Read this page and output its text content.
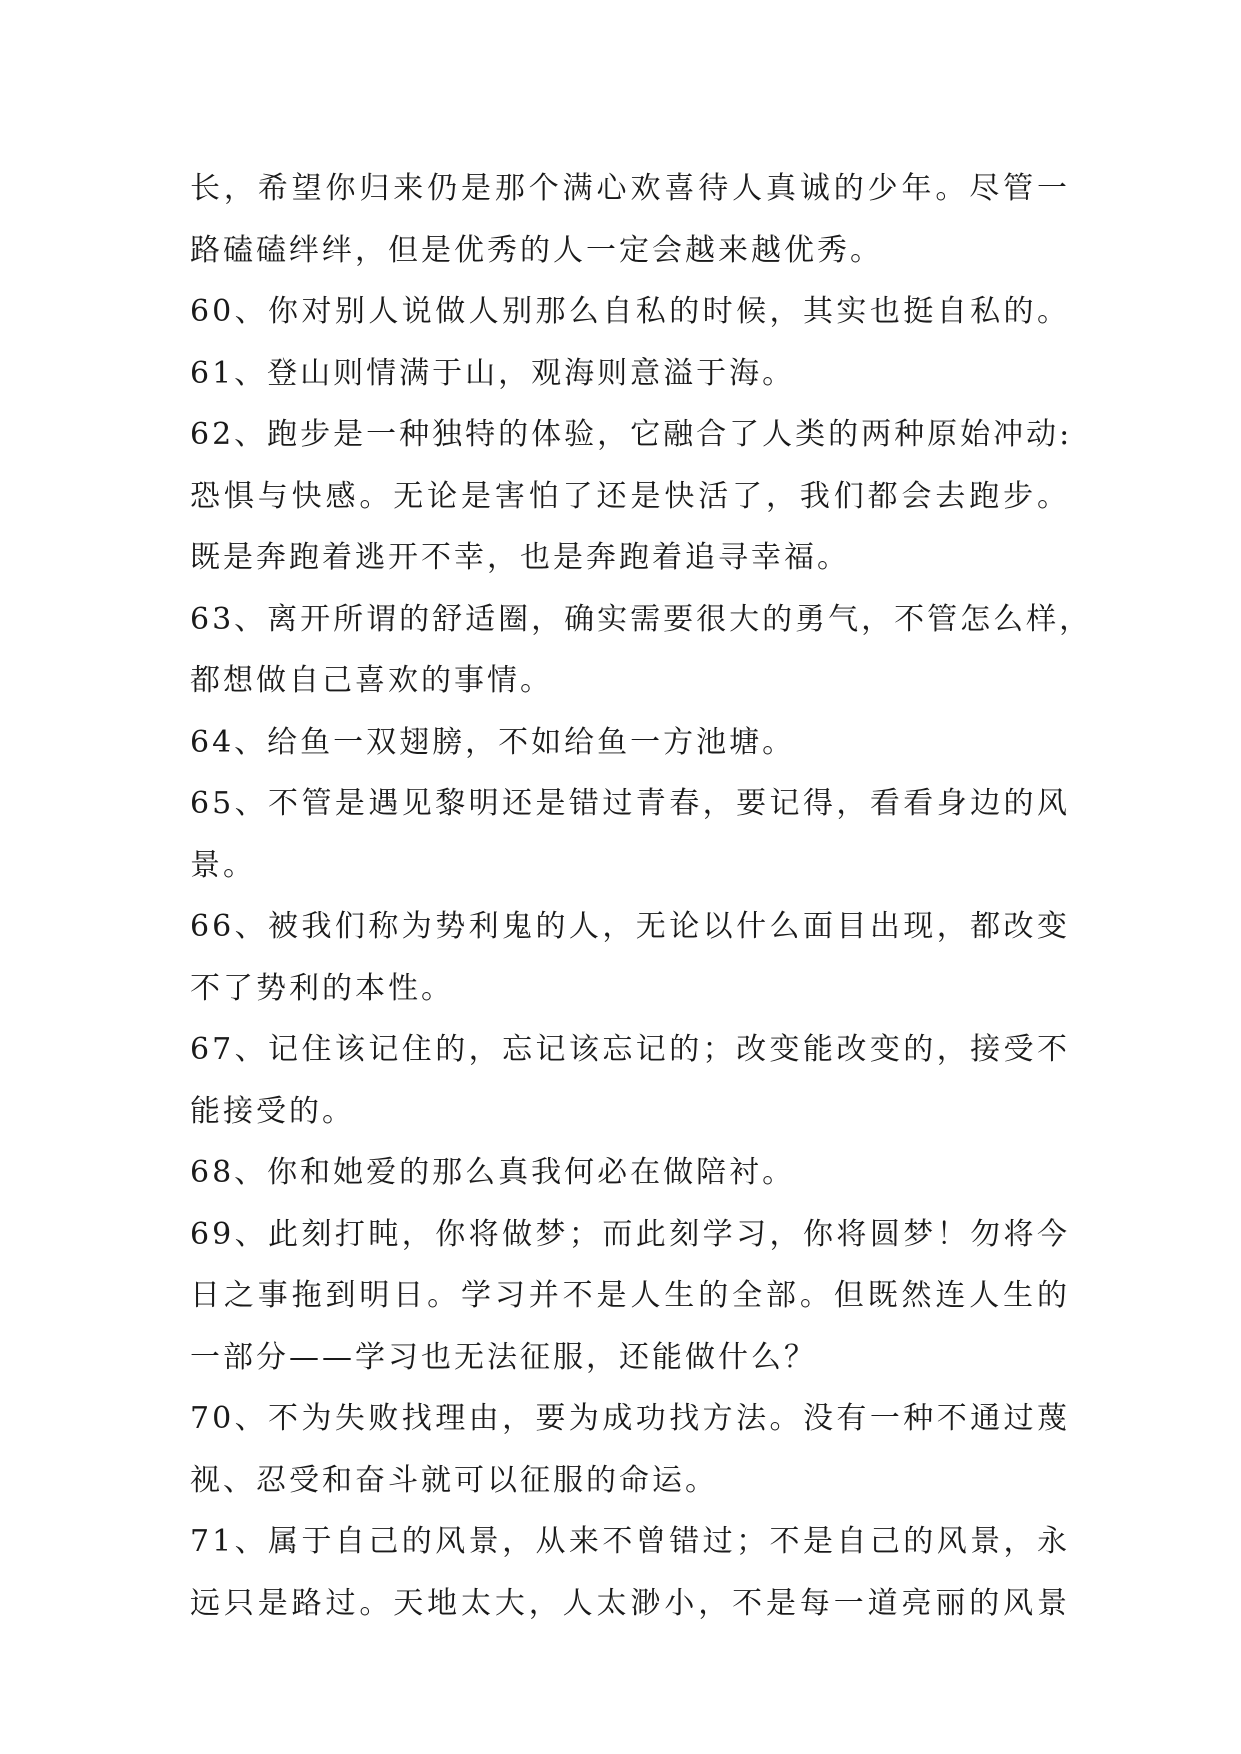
长，希望你归来仍是那个满心欢喜待人真诚的少年。尽管一
路磕磕绊绊，但是优秀的人一定会越来越优秀。
60、你对别人说做人别那么自私的时候，其实也挺自私的。
61、登山则情满于山，观海则意溢于海。
62、跑步是一种独特的体验，它融合了人类的两种原始冲动:
恐惧与快感。无论是害怕了还是快活了，我们都会去跑步。
既是奔跑着逃开不幸，也是奔跑着追寻幸福。
63、离开所谓的舒适圈，确实需要很大的勇气，不管怎么样，
都想做自己喜欢的事情。
64、给鱼一双翅膀，不如给鱼一方池塘。
65、不管是遇见黎明还是错过青春，要记得，看看身边的风
景。
66、被我们称为势利鬼的人，无论以什么面目出现，都改变
不了势利的本性。
67、记住该记住的，忘记该忘记的；改变能改变的，接受不
能接受的。
68、你和她爱的那么真我何必在做陪衬。
69、此刻打盹，你将做梦；而此刻学习，你将圆梦！勿将今
日之事拖到明日。学习并不是人生的全部。但既然连人生的
一部分——学习也无法征服，还能做什么？
70、不为失败找理由，要为成功找方法。没有一种不通过蔑
视、忍受和奋斗就可以征服的命运。
71、属于自己的风景，从来不曾错过；不是自己的风景，永
远只是路过。天地太大，人太渺小，不是每一道亮丽的风景
